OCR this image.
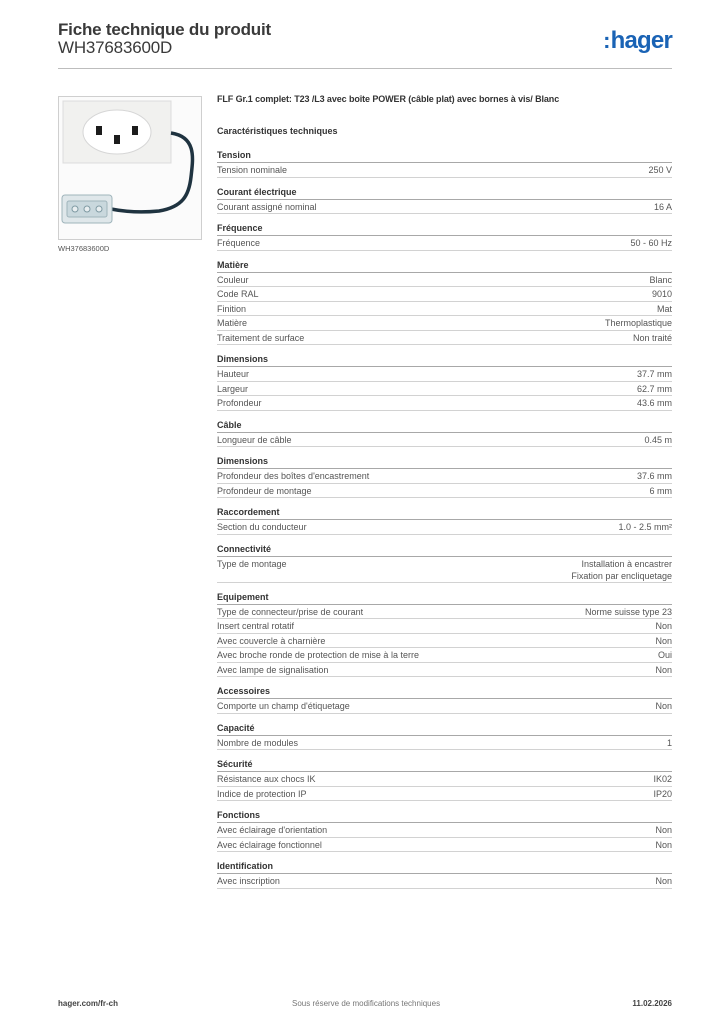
Fiche technique du produit
WH37683600D	:hager
WH37683600D
FLF Gr.1 complet: T23 /L3 avec boîte POWER (câble plat) avec bornes à vis/ Blanc
Caractéristiques techniques
Tension
Tension nominale	250 V
Courant électrique
Courant assigné nominal	16 A
Fréquence
Fréquence	50 - 60 Hz
Matière
Couleur	Blanc
Code RAL	9010
Finition	Mat
Matière	Thermoplastique
Traitement de surface	Non traité
Dimensions
Hauteur	37.7 mm
Largeur	62.7 mm
Profondeur	43.6 mm
Câble
Longueur de câble	0.45 m
Dimensions
Profondeur des boîtes d'encastrement	37.6 mm
Profondeur de montage	6 mm
Raccordement
Section du conducteur	1.0 - 2.5 mm²
Connectivité
Type de montage	Installation à encastrer
Fixation par encliquetage
Equipement
Type de connecteur/prise de courant	Norme suisse type 23
Insert central rotatif	Non
Avec couvercle à charnière	Non
Avec broche ronde de protection de mise à la terre	Oui
Avec lampe de signalisation	Non
Accessoires
Comporte un champ d'étiquetage	Non
Capacité
Nombre de modules	1
Sécurité
Résistance aux chocs IK	IK02
Indice de protection IP	IP20
Fonctions
Avec éclairage d'orientation	Non
Avec éclairage fonctionnel	Non
Identification
Avec inscription	Non
hager.com/fr-ch	Sous réserve de modifications techniques	11.02.2026
